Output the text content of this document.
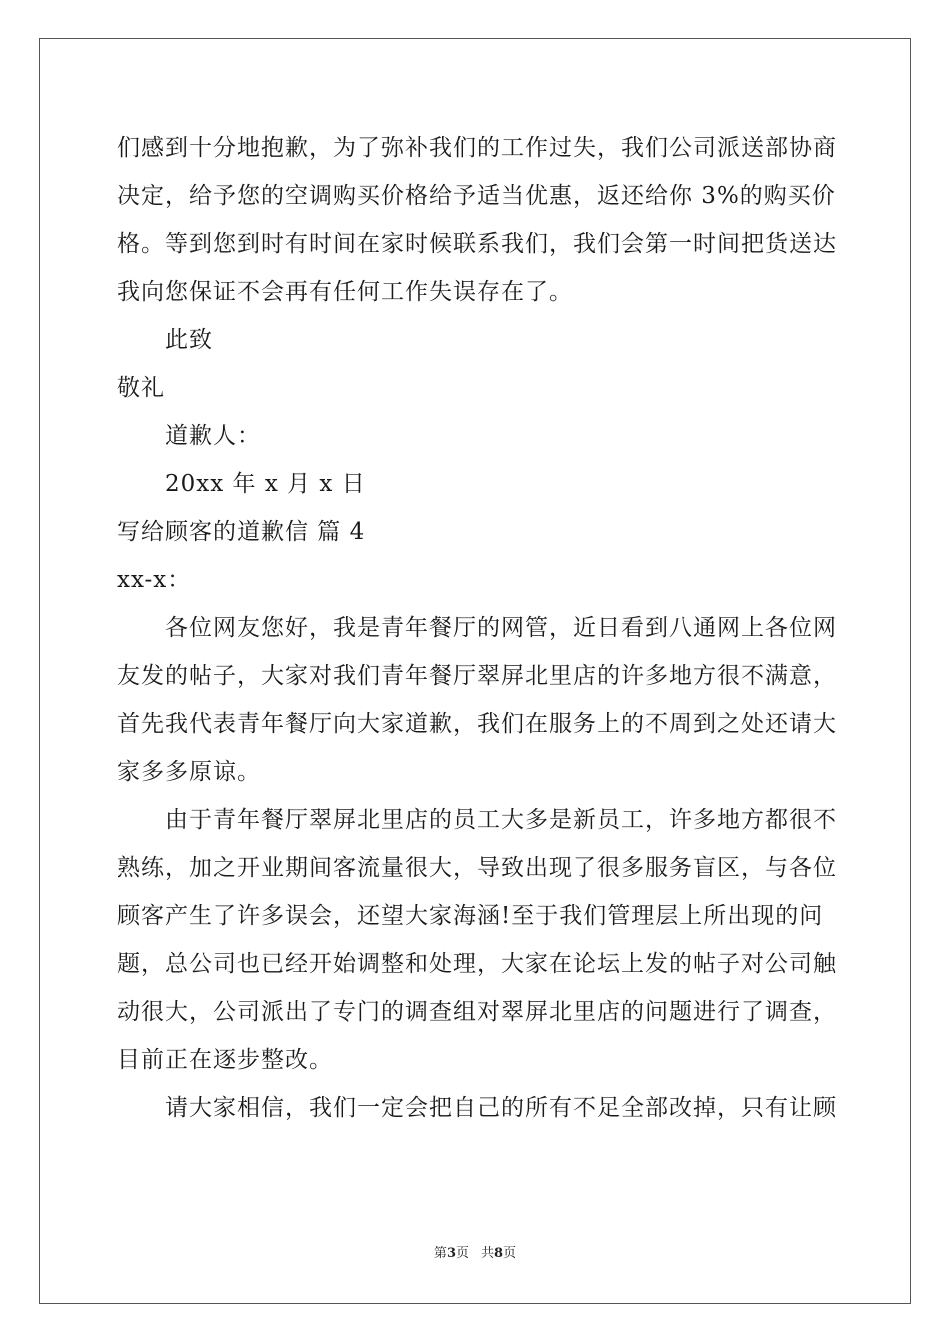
们感到十分地抱歉，为了弥补我们的工作过失，我们公司派送部协商
决定，给予您的空调购买价格给予适当优惠，返还给你 3%的购买价
格。等到您到时有时间在家时候联系我们，我们会第一时间把货送达
我向您保证不会再有任何工作失误存在了。
此致
敬礼
道歉人：
20xx 年 x 月 x 日
写给顾客的道歉信 篇 4
xx-x：
各位网友您好，我是青年餐厅的网管，近日看到八通网上各位网
友发的帖子，大家对我们青年餐厅翠屏北里店的许多地方很不满意，
首先我代表青年餐厅向大家道歉，我们在服务上的不周到之处还请大
家多多原谅。
由于青年餐厅翠屏北里店的员工大多是新员工，许多地方都很不
熟练，加之开业期间客流量很大，导致出现了很多服务盲区，与各位
顾客产生了许多误会，还望大家海涵!至于我们管理层上所出现的问
题，总公司也已经开始调整和处理，大家在论坛上发的帖子对公司触
动很大，公司派出了专门的调查组对翠屏北里店的问题进行了调查，
目前正在逐步整改。
请大家相信，我们一定会把自己的所有不足全部改掉，只有让顾
第3页 共8页
